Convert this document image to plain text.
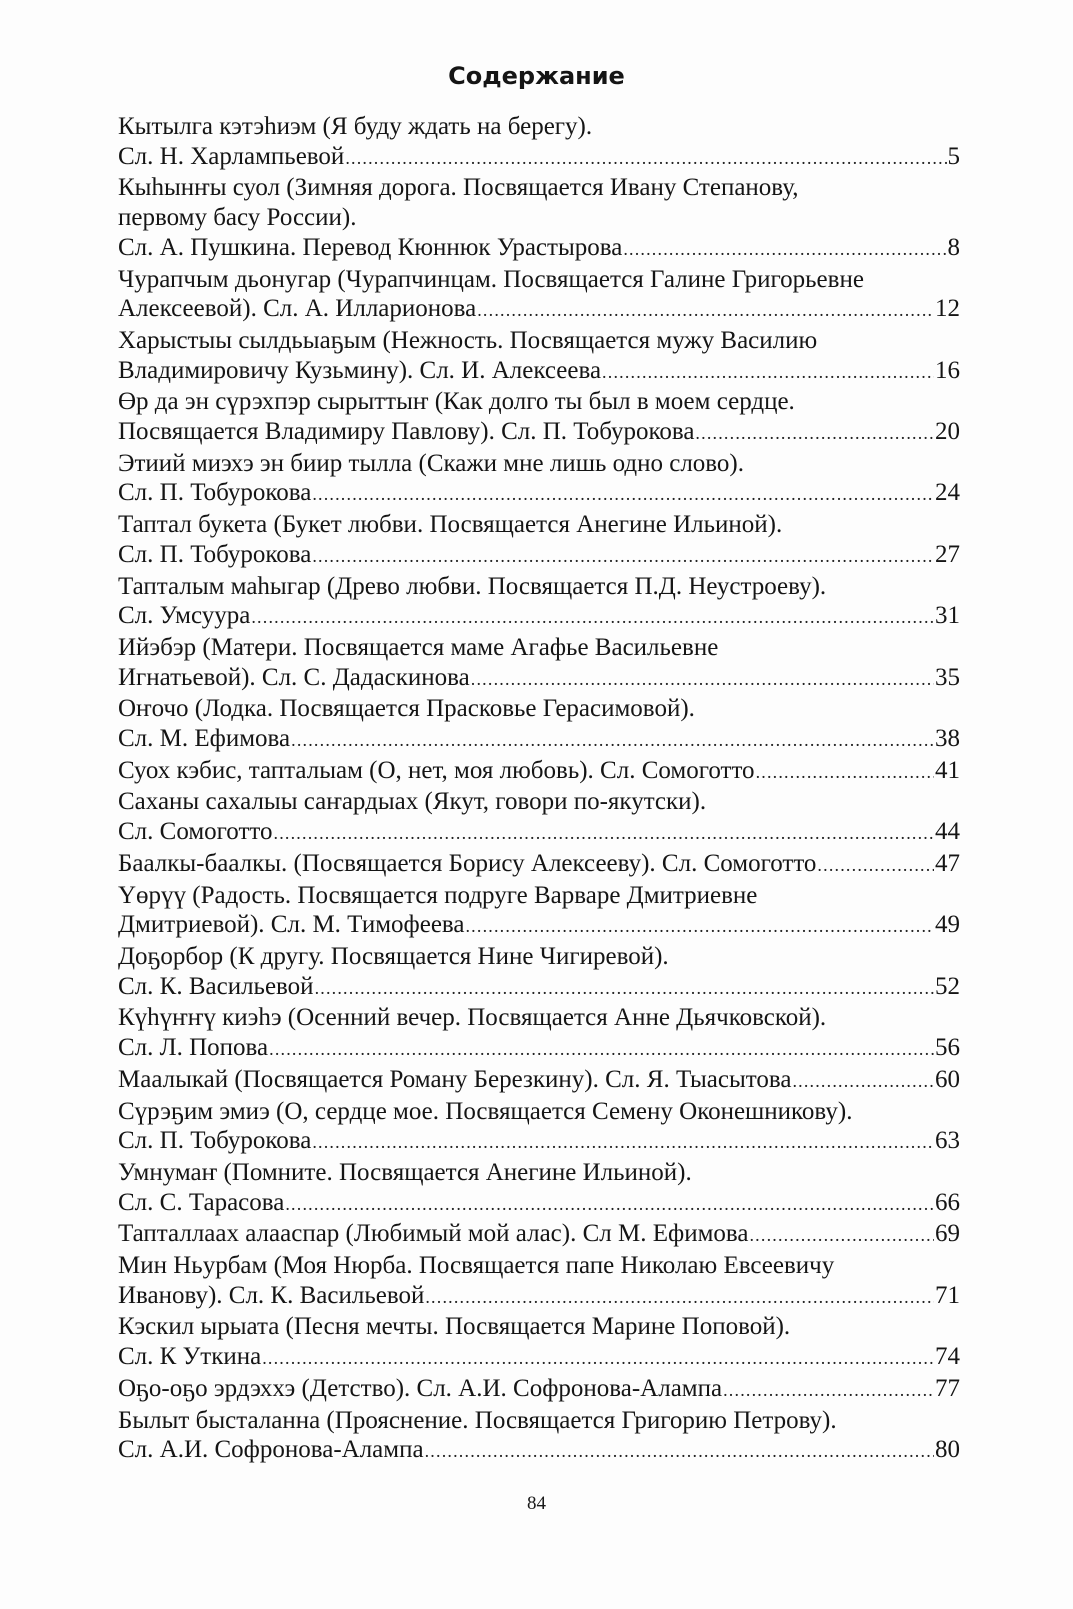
Содержание
Кытылга кэтэhиэм (Я буду ждать на берегу).
Сл. Н. Харлампьевой .....	5
Кыhынҥы суол (Зимняя дорога. Посвящается Ивану Степанову,
первому басу России).
Сл. А. Пушкина. Перевод Кюннюк Урастырова .....	8
Чурапчым дьонугар (Чурапчинцам. Посвящается Галине Григорьевне
Алексеевой). Сл. А. Илларионова .....	12
Харыстыы сылдьыаҕым (Нежность. Посвящается мужу Василию
Владимировичу Кузьмину). Сл. И. Алексеева .....	16
Өр да эн сүрэхпэр сырыттыҥ (Как долго ты был в моем сердце.
Посвящается Владимиру Павлову). Сл. П. Тобурокова .....	20
Этиий миэхэ эн биир тылла (Скажи мне лишь одно слово).
Сл. П. Тобурокова .....	24
Таптал букета (Букет любви. Посвящается Анегине Ильиной).
Сл. П. Тобурокова .....	27
Тапталым маhыгар (Древо любви. Посвящается П.Д. Неустроеву).
Сл. Умсуура .....	31
Ийэбэр (Матери. Посвящается маме Агафье Васильевне
Игнатьевой). Сл. С. Дадаскинова .....	35
Оҥочо (Лодка. Посвящается Прасковье Герасимовой).
Сл. М. Ефимова .....	38
Суох кэбис, тапталыам (О, нет, моя любовь). Сл. Сомоготто .....	41
Саханы сахалыы саҥардыах (Якут, говори по-якутски).
Сл. Сомоготто .....	44
Баалкы-баалкы. (Посвящается Борису Алексееву). Сл. Сомоготто .....	47
Үөрүү (Радость. Посвящается подруге Варваре Дмитриевне
Дмитриевой). Сл. М. Тимофеева .....	49
Доҕорбор (К другу. Посвящается Нине Чигиревой).
Сл. К. Васильевой .....	52
Күhүҥҥү киэhэ (Осенний вечер. Посвящается Анне Дьячковской).
Сл. Л. Попова .....	56
Маалыкай (Посвящается Роману Березкину). Сл. Я. Тыасытова .....	60
Сүрэҕим эмиэ (О, сердце мое. Посвящается Семену Оконешникову).
Сл. П. Тобурокова .....	63
Умнумаҥ (Помните. Посвящается Анегине Ильиной).
Сл. С. Тарасова .....	66
Тапталлаах алааспар (Любимый мой алас). Сл М. Ефимова .....	69
Мин Ньурбам (Моя Нюрба. Посвящается папе Николаю Евсеевичу
Иванову). Сл. К. Васильевой .....	71
Кэскил ырыата (Песня мечты. Посвящается Марине Поповой).
Сл. К Уткина .....	74
Оҕо-оҕо эрдэххэ (Детство). Сл. А.И. Софронова-Алампа .....	77
Былыт бысталанна (Прояснение. Посвящается Григорию Петрову).
Сл. А.И. Софронова-Алампа .....	80
84
